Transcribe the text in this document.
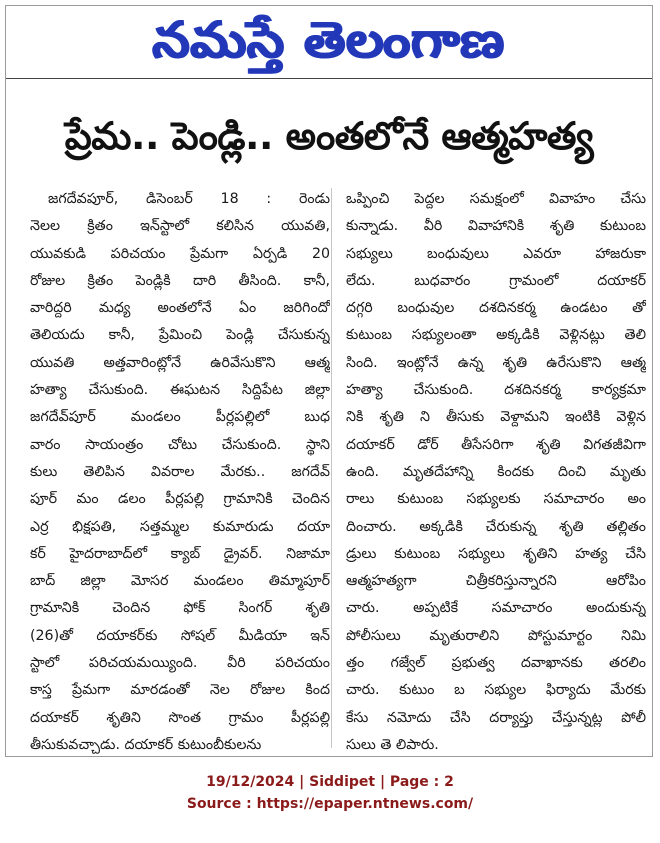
నమస్తే తెలంగాణ
ప్రేమ.. పెండ్లి.. అంతలోనే ఆత్మహత్య
జగదేవపూర్, డిసెంబర్ 18 : రెండు
నెలల క్రితం ఇన్‌స్టాలో కలిసిన యువతి,
యువకుడి పరిచయం ప్రేమగా ఏర్పడి 20
రోజుల క్రితం పెండ్లికి దారి తీసింది. కానీ,
వారిద్దరి మధ్య అంతలోనే ఏం జరిగిందో
తెలియదు కానీ, ప్రేమించి పెండ్లి చేసుకున్న
యువతి అత్తవారింట్లోనే ఉరివేసుకొని ఆత్మ
హత్యా చేసుకుంది. ఈఘటన సిద్దిపేట జిల్లా
జగదేవ్‌పూర్ మండలం పీర్లపల్లిలో బుధ
వారం సాయంత్రం చోటు చేసుకుంది. స్థాని
కులు తెలిపిన వివరాల మేరకు.. జగదేవ్
పూర్ మం డలం పీర్లపల్లి గ్రామానికి చెందిన
ఎర్ర భిక్షపతి, సత్తమ్మల కుమారుడు దయా
కర్ హైదరాబాద్‌లో క్యాబ్ డ్రైవర్. నిజామా
బాద్ జిల్లా మోసర మండలం తిమ్మాపూర్
గ్రామానికి చెందిన ఫోక్ సింగర్ శృతి
(26)తో దయాకర్‌కు సోషల్ మీడియా ఇన్
స్టాలో పరిచయమయ్యింది. వీరి పరిచయం
కాస్త ప్రేమగా మారడంతో నెల రోజుల కింద
దయాకర్ శృతిని సొంత గ్రామం పీర్లపల్లి
తీసుకువచ్చాడు. దయాకర్ కుటుంబీకులను
ఒప్పించి పెద్దల సమక్షంలో వివాహం చేసు
కున్నాడు. వీరి వివాహానికి శృతి కుటుంబ
సభ్యులు బంధువులు ఎవరూ హాజరుకా
లేదు. బుధవారం గ్రామంలో దయాకర్
దగ్గరి బంధువుల దశదినకర్మ ఉండటం తో
కుటుంబ సభ్యులంతా అక్కడికి వెళ్లినట్లు తెలి
సింది. ఇంట్లోనే ఉన్న శృతి ఉరేసుకొని ఆత్మ
హత్యా చేసుకుంది. దశదినకర్మ కార్యక్రమా
నికి శృతి ని తీసుకు వెళ్దామని ఇంటికి వెళ్లిన
దయాకర్ డోర్ తీసేసరిగా శృతి విగతజీవిగా
ఉంది. మృతదేహాన్ని కిందకు దించి మృతు
రాలు కుటుంబ సభ్యులకు సమాచారం అం
దించారు. అక్కడికి చేరుకున్న శృతి తల్లితం
డ్రులు కుటుంబ సభ్యులు శృతిని హత్య చేసి
ఆత్మహత్యగా చిత్రీకరిస్తున్నారని ఆరోపిం
చారు. అప్పటికే సమాచారం అందుకున్న
పోలీసులు మృతురాలిని పోస్టుమార్టం నిమి
త్తం గజ్వేల్ ప్రభుత్వ దవాఖానకు తరలిం
చారు. కుటుం బ సభ్యుల ఫిర్యాదు మేరకు
కేసు నమోదు చేసి దర్యాప్తు చేస్తున్నట్ల పోలీ
సులు తె లిపారు.
19/12/2024 | Siddipet | Page : 2
Source : https://epaper.ntnews.com/
